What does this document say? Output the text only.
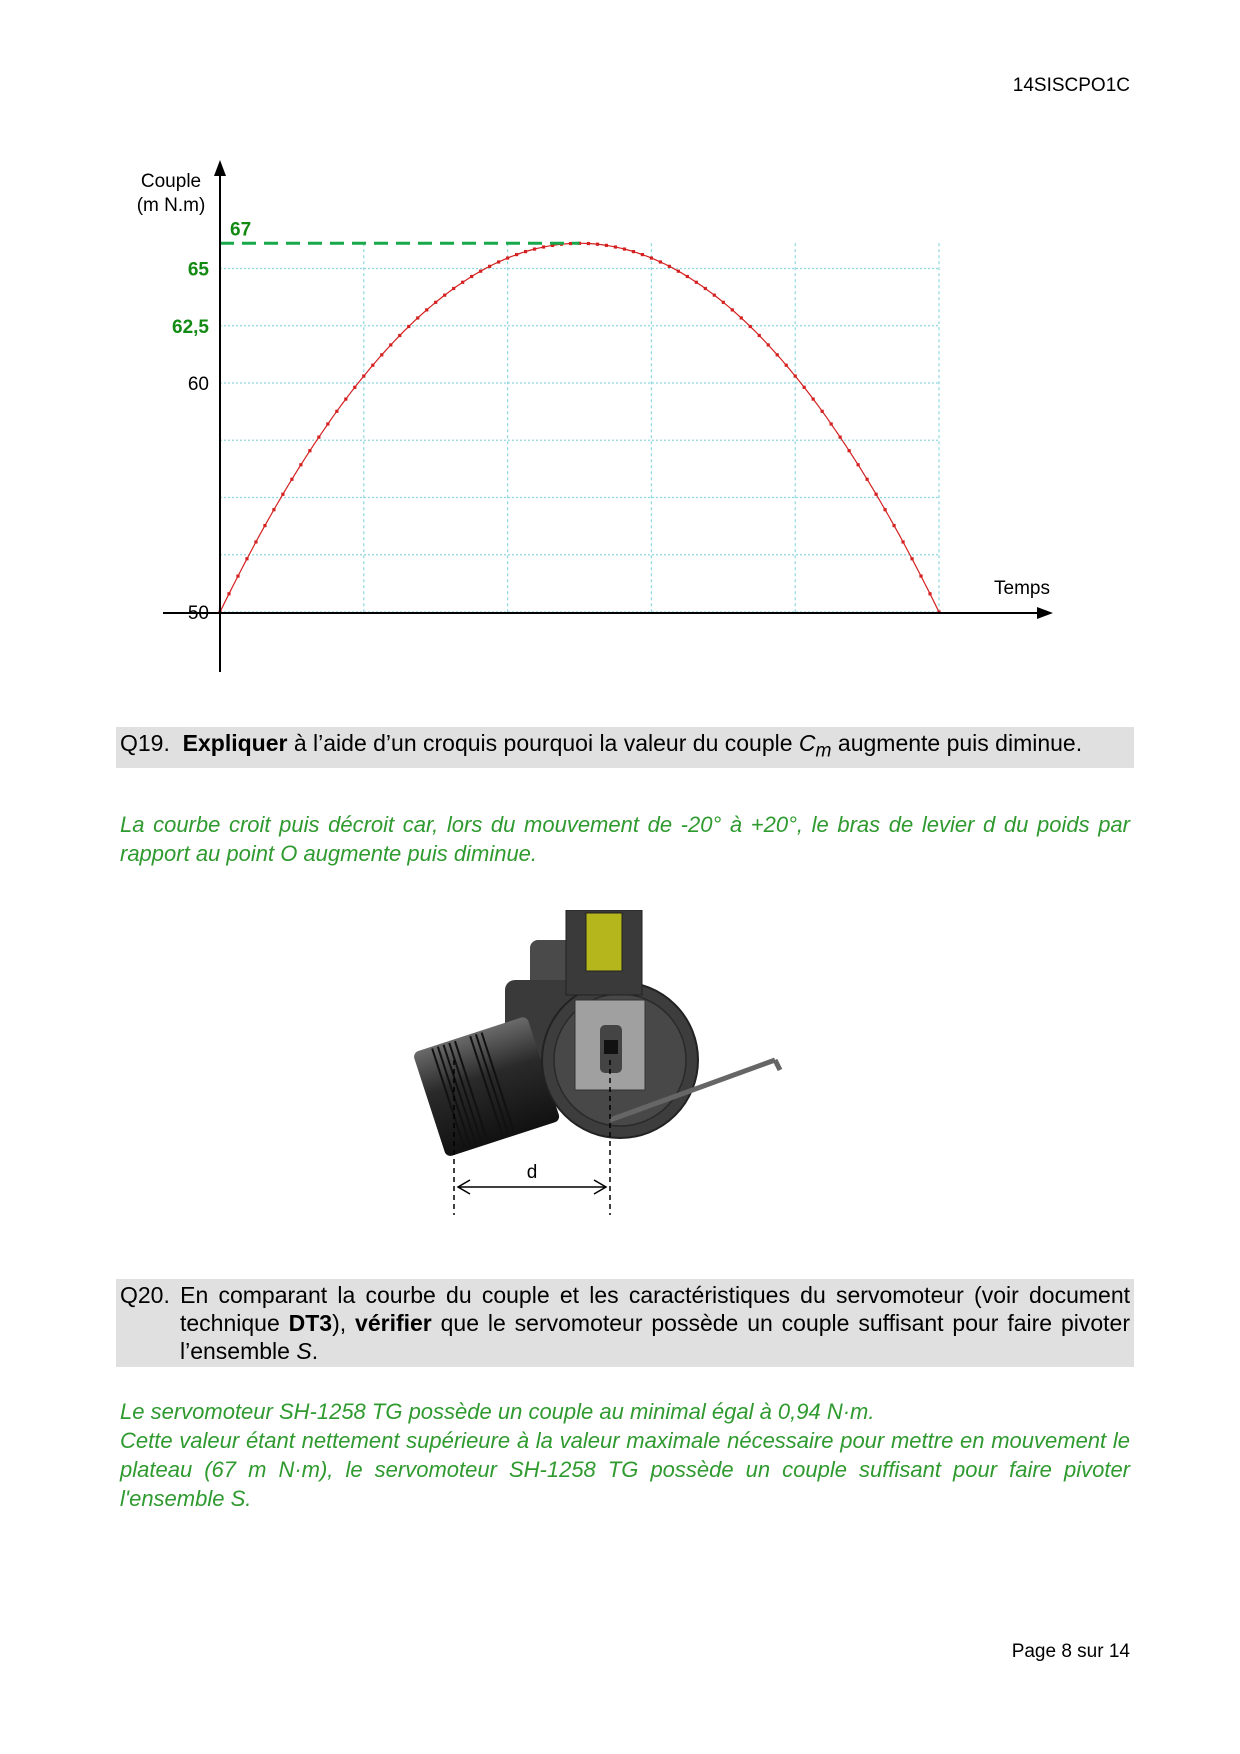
14SISCPO1C
Couple
(m N.m)
Temps
50
60
62,5
65
67
Q19. Expliquer à l’aide d’un croquis pourquoi la valeur du couple $C_m$ augmente puis diminue.
La courbe croit puis décroit car, lors du mouvement de -20° à +20°, le bras de levier d du poids par rapport au point O augmente puis diminue.
d
Q20. En comparant la courbe du couple et les caractéristiques du servomoteur (voir document technique DT3), vérifier que le servomoteur possède un couple suffisant pour faire pivoter l’ensemble S.
Le servomoteur SH-1258 TG possède un couple au minimal égal à 0,94 N·m.
Cette valeur étant nettement supérieure à la valeur maximale nécessaire pour mettre en mouvement le plateau (67 m N·m), le servomoteur SH-1258 TG possède un couple suffisant pour faire pivoter l'ensemble S.
Page 8 sur 14
